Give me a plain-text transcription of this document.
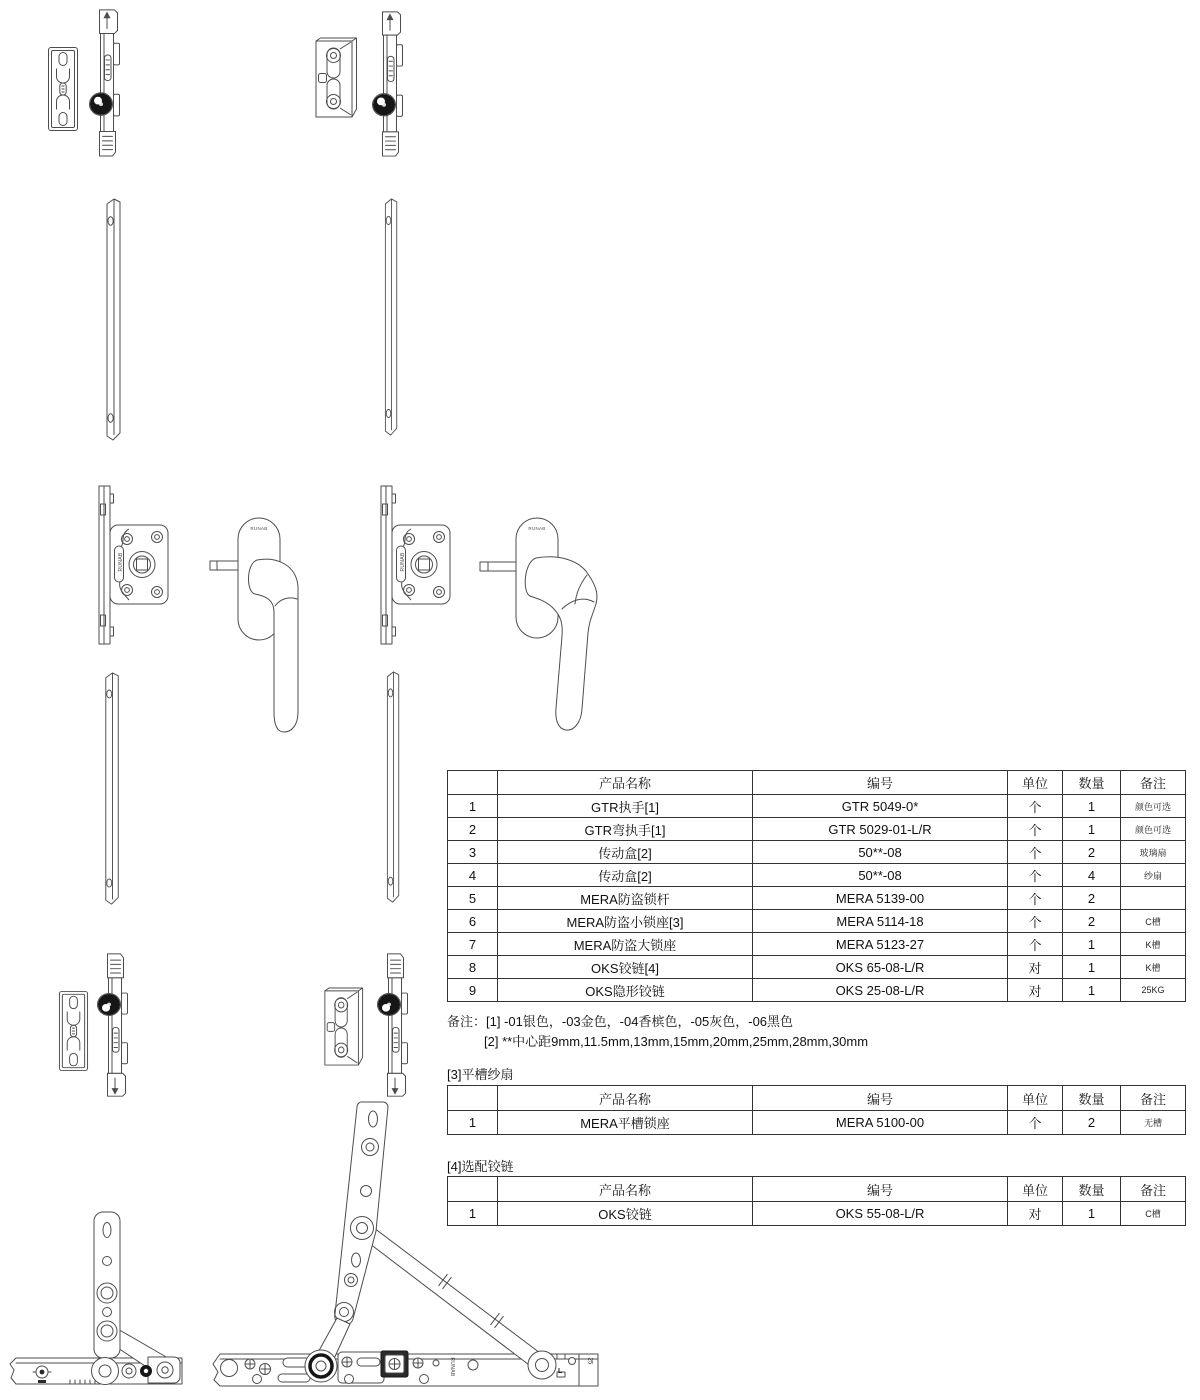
RUNAB	RUNAB
RUNAB	RUNAB
RUNAB	L
25
	产品名称	编号	单位	数量	备注
1	GTR执手[1]	GTR 5049-0*	个	1	颜色可选
2	GTR弯执手[1]	GTR 5029-01-L/R	个	1	颜色可选
3	传动盒[2]	50**-08	个	2	玻璃扇
4	传动盒[2]	50**-08	个	4	纱扇
5	MERA防盗锁杆	MERA 5139-00	个	2	
6	MERA防盗小锁座[3]	MERA 5114-18	个	2	C槽
7	MERA防盗大锁座	MERA 5123-27	个	1	K槽
8	OKS铰链[4]	OKS 65-08-L/R	对	1	K槽
9	OKS隐形铰链	OKS 25-08-L/R	对	1	25KG
备注：[1] -01银色，-03金色，-04香槟色，-05灰色，-06黑色
[2] **中心距9mm,11.5mm,13mm,15mm,20mm,25mm,28mm,30mm
[3]平槽纱扇
	产品名称	编号	单位	数量	备注
1	MERA平槽锁座	MERA 5100-00	个	2	无槽
[4]选配铰链
	产品名称	编号	单位	数量	备注
1	OKS铰链	OKS 55-08-L/R	对	1	C槽
